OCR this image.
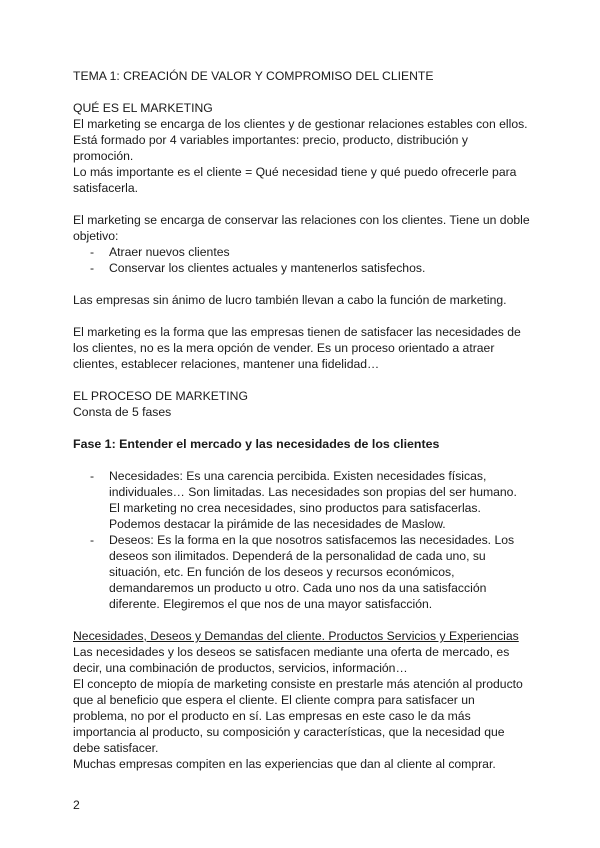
TEMA 1: CREACIÓN DE VALOR Y COMPROMISO DEL CLIENTE

QUÉ ES EL MARKETING

El marketing se encarga de los clientes y de gestionar relaciones estables con ellos.

Está formado por 4 variables importantes: precio, producto, distribución y

promoción.

Lo más importante es el cliente = Qué necesidad tiene y qué puedo ofrecerle para

satisfacerla.

El marketing se encarga de conservar las relaciones con los clientes. Tiene un doble

objetivo:

- Atraer nuevos clientes
- Conservar los clientes actuales y mantenerlos satisfechos.

Las empresas sin ánimo de lucro también llevan a cabo la función de marketing.

El marketing es la forma que las empresas tienen de satisfacer las necesidades de

los clientes, no es la mera opción de vender. Es un proceso orientado a atraer

clientes, establecer relaciones, mantener una fidelidad…

EL PROCESO DE MARKETING

Consta de 5 fases

Fase 1: Entender el mercado y las necesidades de los clientes

- Necesidades: Es una carencia percibida. Existen necesidades físicas,
individuales… Son limitadas. Las necesidades son propias del ser humano.
El marketing no crea necesidades, sino productos para satisfacerlas.
Podemos destacar la pirámide de las necesidades de Maslow.
- Deseos: Es la forma en la que nosotros satisfacemos las necesidades. Los
deseos son ilimitados. Dependerá de la personalidad de cada uno, su
situación, etc. En función de los deseos y recursos económicos,
demandaremos un producto u otro. Cada uno nos da una satisfacción
diferente. Elegiremos el que nos de una mayor satisfacción.

Necesidades, Deseos y Demandas del cliente. Productos Servicios y Experiencias

Las necesidades y los deseos se satisfacen mediante una oferta de mercado, es

decir, una combinación de productos, servicios, información…

El concepto de miopía de marketing consiste en prestarle más atención al producto

que al beneficio que espera el cliente. El cliente compra para satisfacer un

problema, no por el producto en sí. Las empresas en este caso le da más

importancia al producto, su composición y características, que la necesidad que

debe satisfacer.

Muchas empresas compiten en las experiencias que dan al cliente al comprar.

2
